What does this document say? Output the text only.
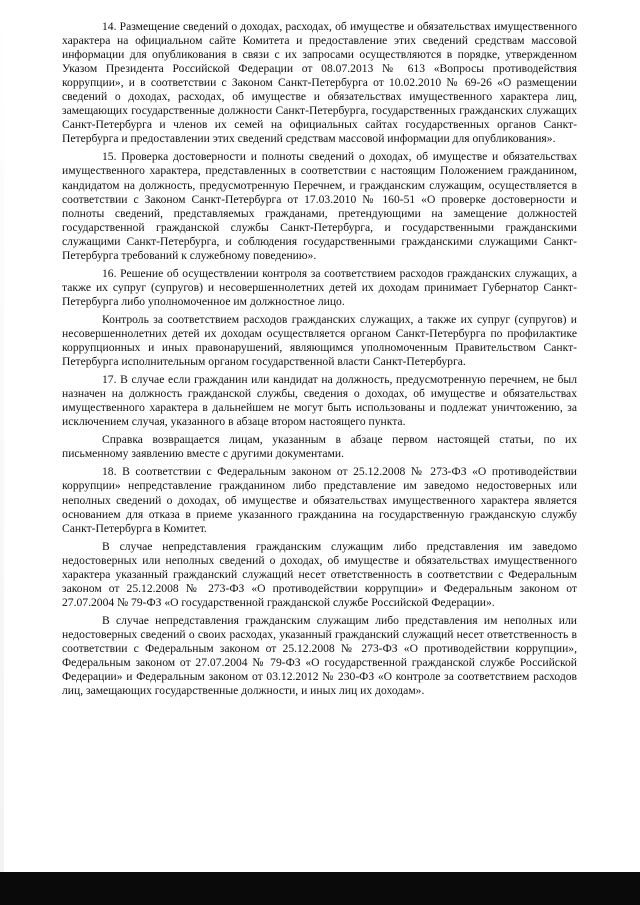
14. Размещение сведений о доходах, расходах, об имуществе и обязательствах имущественного характера на официальном сайте Комитета и предоставление этих сведений средствам массовой информации для опубликования в связи с их запросами осуществляются в порядке, утвержденном Указом Президента Российской Федерации от 08.07.2013 № 613 «Вопросы противодействия коррупции», и в соответствии с Законом Санкт-Петербурга от 10.02.2010 № 69-26 «О размещении сведений о доходах, расходах, об имуществе и обязательствах имущественного характера лиц, замещающих государственные должности Санкт-Петербурга, государственных гражданских служащих Санкт-Петербурга и членов их семей на официальных сайтах государственных органов Санкт-Петербурга и предоставлении этих сведений средствам массовой информации для опубликования».

15. Проверка достоверности и полноты сведений о доходах, об имуществе и обязательствах имущественного характера, представленных в соответствии с настоящим Положением гражданином, кандидатом на должность, предусмотренную Перечнем, и гражданским служащим, осуществляется в соответствии с Законом Санкт-Петербурга от 17.03.2010 № 160-51 «О проверке достоверности и полноты сведений, представляемых гражданами, претендующими на замещение должностей государственной гражданской службы Санкт-Петербурга, и государственными гражданскими служащими Санкт-Петербурга, и соблюдения государственными гражданскими служащими Санкт-Петербурга требований к служебному поведению».

16. Решение об осуществлении контроля за соответствием расходов гражданских служащих, а также их супруг (супругов) и несовершеннолетних детей их доходам принимает Губернатор Санкт-Петербурга либо уполномоченное им должностное лицо.

Контроль за соответствием расходов гражданских служащих, а также их супруг (супругов) и несовершеннолетних детей их доходам осуществляется органом Санкт-Петербурга по профилактике коррупционных и иных правонарушений, являющимся уполномоченным Правительством Санкт-Петербурга исполнительным органом государственной власти Санкт-Петербурга.

17. В случае если гражданин или кандидат на должность, предусмотренную перечнем, не был назначен на должность гражданской службы, сведения о доходах, об имуществе и обязательствах имущественного характера в дальнейшем не могут быть использованы и подлежат уничтожению, за исключением случая, указанного в абзаце втором настоящего пункта.

Справка возвращается лицам, указанным в абзаце первом настоящей статьи, по их письменному заявлению вместе с другими документами.

18. В соответствии с Федеральным законом от 25.12.2008 № 273-ФЗ «О противодействии коррупции» непредставление гражданином либо представление им заведомо недостоверных или неполных сведений о доходах, об имуществе и обязательствах имущественного характера является основанием для отказа в приеме указанного гражданина на государственную гражданскую службу Санкт-Петербурга в Комитет.

В случае непредставления гражданским служащим либо представления им заведомо недостоверных или неполных сведений о доходах, об имуществе и обязательствах имущественного характера указанный гражданский служащий несет ответственность в соответствии с Федеральным законом от 25.12.2008 № 273-ФЗ «О противодействии коррупции» и Федеральным законом от 27.07.2004 № 79-ФЗ «О государственной гражданской службе Российской Федерации».

В случае непредставления гражданским служащим либо представления им неполных или недостоверных сведений о своих расходах, указанный гражданский служащий несет ответственность в соответствии с Федеральным законом от 25.12.2008 № 273-ФЗ «О противодействии коррупции», Федеральным законом от 27.07.2004 № 79-ФЗ «О государственной гражданской службе Российской Федерации» и Федеральным законом от 03.12.2012 № 230-ФЗ «О контроле за соответствием расходов лиц, замещающих государственные должности, и иных лиц их доходам».
